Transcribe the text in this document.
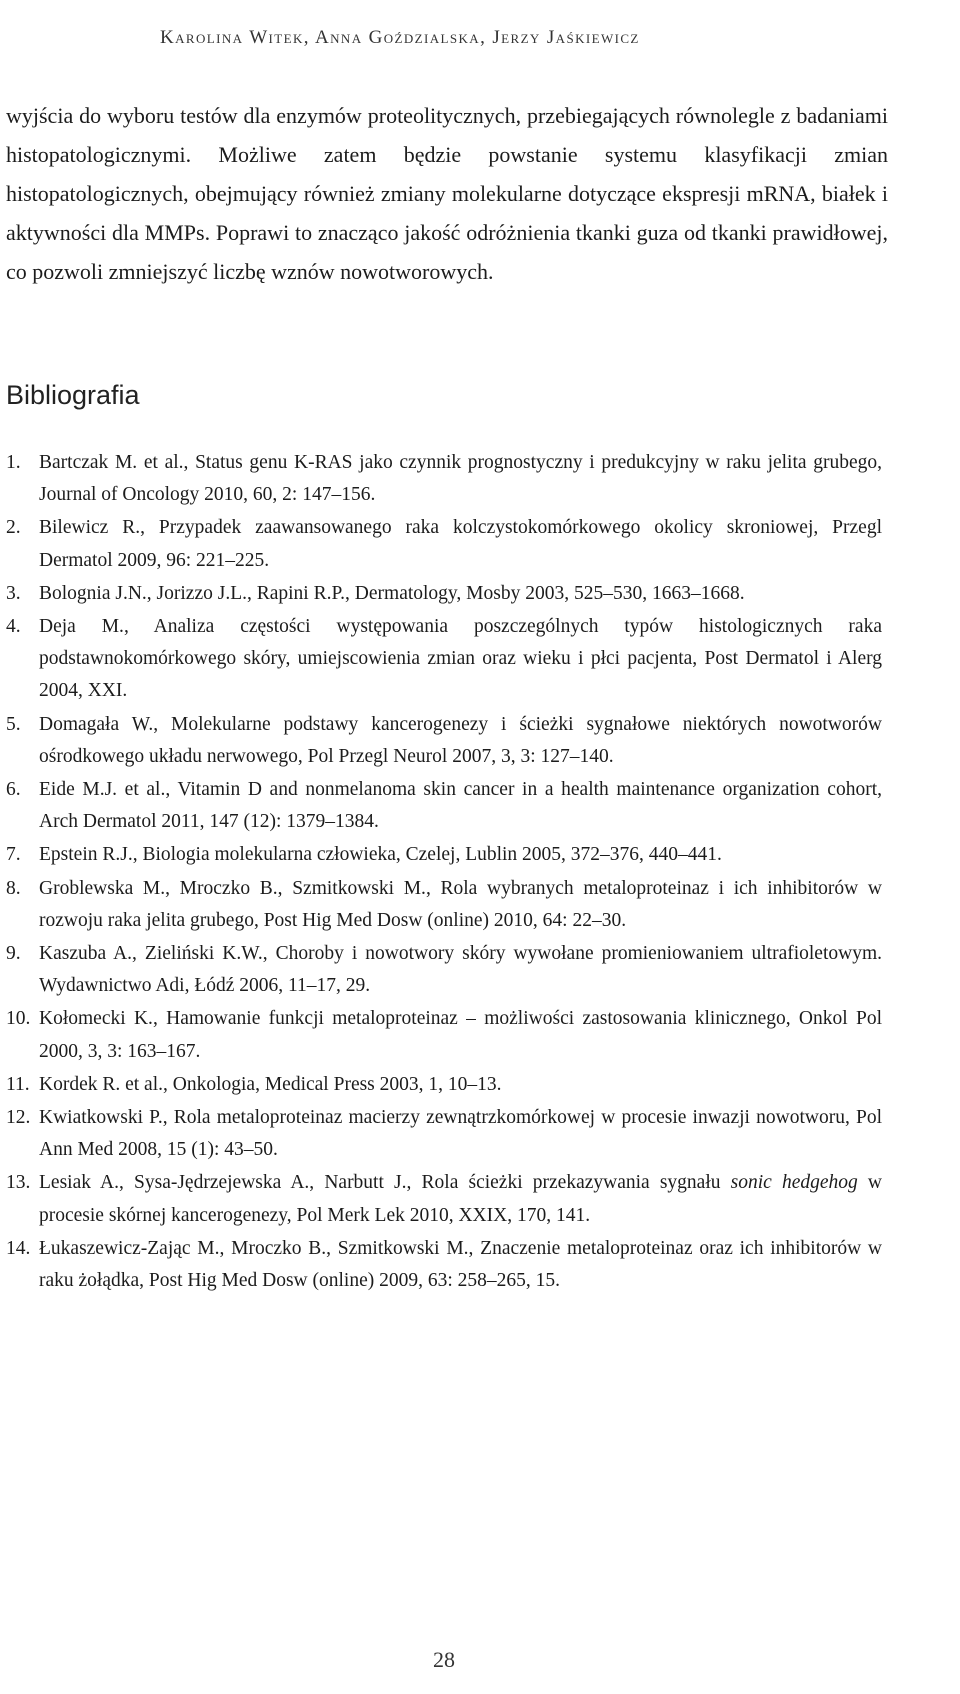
Karolina Witek, Anna Goździalska, Jerzy Jaśkiewicz

wyjścia do wyboru testów dla enzymów proteolitycznych, przebiegających równolegle z badaniami histopatologicznymi. Możliwe zatem będzie powstanie systemu klasyfikacji zmian histopatologicznych, obejmujący również zmiany molekularne dotyczące ekspresji mRNA, białek i aktywności dla MMPs. Poprawi to znacząco jakość odróżnienia tkanki guza od tkanki prawidłowej, co pozwoli zmniejszyć liczbę wznów nowotworowych.

Bibliografia
1. Bartczak M. et al., Status genu K-RAS jako czynnik prognostyczny i predukcyjny w raku jelita grubego, Journal of Oncology 2010, 60, 2: 147–156.
2. Bilewicz R., Przypadek zaawansowanego raka kolczystokomórkowego okolicy skroniowej, Przegl Dermatol 2009, 96: 221–225.
3. Bolognia J.N., Jorizzo J.L., Rapini R.P., Dermatology, Mosby 2003, 525–530, 1663–1668.
4. Deja M., Analiza częstości występowania poszczególnych typów histologicznych raka podstawnokomórkowego skóry, umiejscowienia zmian oraz wieku i płci pacjenta, Post Dermatol i Alerg 2004, XXI.
5. Domagała W., Molekularne podstawy kancerogenezy i ścieżki sygnałowe niektórych nowotworów ośrodkowego układu nerwowego, Pol Przegl Neurol 2007, 3, 3: 127–140.
6. Eide M.J. et al., Vitamin D and nonmelanoma skin cancer in a health maintenance organization cohort, Arch Dermatol 2011, 147 (12): 1379–1384.
7. Epstein R.J., Biologia molekularna człowieka, Czelej, Lublin 2005, 372–376, 440–441.
8. Groblewska M., Mroczko B., Szmitkowski M., Rola wybranych metaloproteinaz i ich inhibitorów w rozwoju raka jelita grubego, Post Hig Med Dosw (online) 2010, 64: 22–30.
9. Kaszuba A., Zieliński K.W., Choroby i nowotwory skóry wywołane promieniowaniem ultrafioletowym. Wydawnictwo Adi, Łódź 2006, 11–17, 29.
10. Kołomecki K., Hamowanie funkcji metaloproteinaz – możliwości zastosowania klinicznego, Onkol Pol 2000, 3, 3: 163–167.
11. Kordek R. et al., Onkologia, Medical Press 2003, 1, 10–13.
12. Kwiatkowski P., Rola metaloproteinaz macierzy zewnątrzkomórkowej w procesie inwazji nowotworu, Pol Ann Med 2008, 15 (1): 43–50.
13. Lesiak A., Sysa-Jędrzejewska A., Narbutt J., Rola ścieżki przekazywania sygnału sonic hedgehog w procesie skórnej kancerogenezy, Pol Merk Lek 2010, XXIX, 170, 141.
14. Łukaszewicz-Zając M., Mroczko B., Szmitkowski M., Znaczenie metaloproteinaz oraz ich inhibitorów w raku żołądka, Post Hig Med Dosw (online) 2009, 63: 258–265, 15.
28
